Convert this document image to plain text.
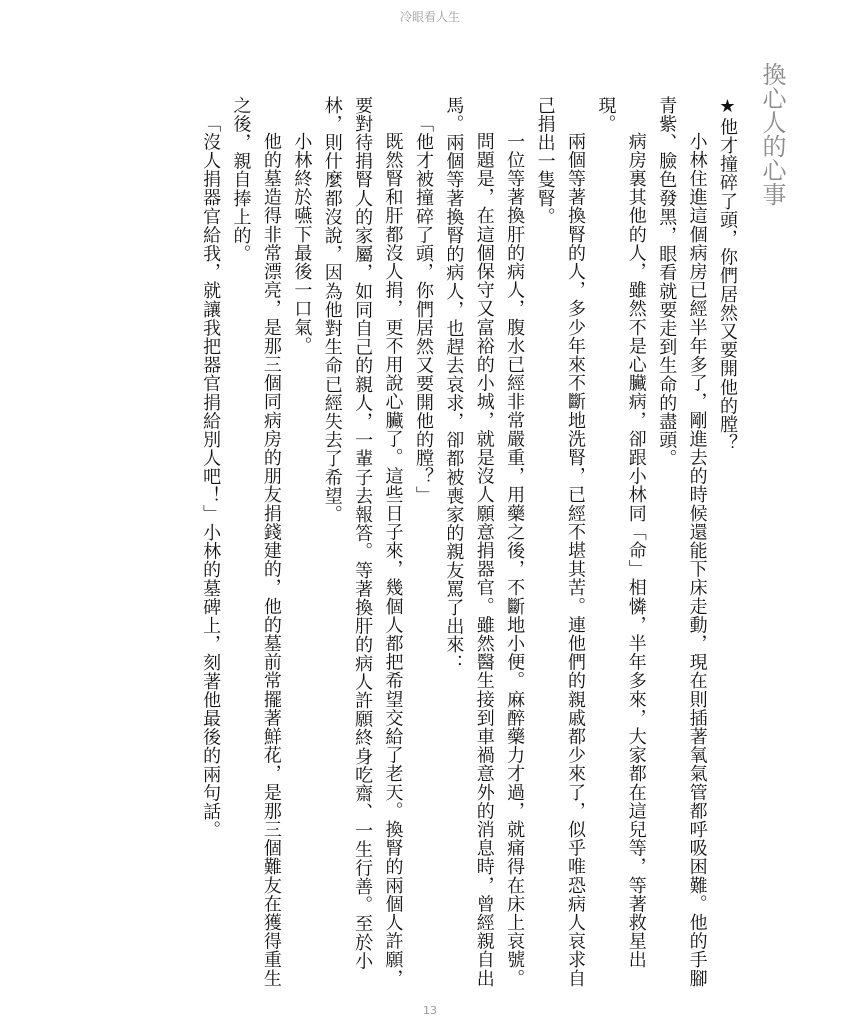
冷眼看人生
換心人的心事

★他才撞碎了頭，你們居然又要開他的膛？

小林住進這個病房已經半年多了，剛進去的時候還能下床走動，現在則插著氧氣管都呼吸困難。他的手腳青紫、臉色發黑，眼看就要走到生命的盡頭。

病房裏其他的人，雖然不是心臟病，卻跟小林同「命」相憐，半年多來，大家都在這兒等，等著救星出現。

兩個等著換腎的人，多少年來不斷地洗腎，已經不堪其苦。連他們的親戚都少來了，似乎唯恐病人哀求自己捐出一隻腎。

一位等著換肝的病人，腹水已經非常嚴重，用藥之後，不斷地小便。麻醉藥力才過，就痛得在床上哀號。

問題是，在這個保守又富裕的小城，就是沒人願意捐器官。雖然醫生接到車禍意外的消息時，曾經親自出馬。兩個等著換腎的病人，也趕去哀求，卻都被喪家的親友罵了出來：

「他才被撞碎了頭，你們居然又要開他的膛？」

既然腎和肝都沒人捐，更不用說心臟了。這些日子來，幾個人都把希望交給了老天。換腎的兩個人許願，要對待捐腎人的家屬，如同自己的親人，一輩子去報答。等著換肝的病人許願終身吃齋、一生行善。至於小林，則什麼都沒說，因為他對生命已經失去了希望。

小林終於嚥下最後一口氣。

他的墓造得非常漂亮，是那三個同病房的朋友捐錢建的，他的墓前常擺著鮮花，是那三個難友在獲得重生之後，親自捧上的。

「沒人捐器官給我，就讓我把器官捐給別人吧！」小林的墓碑上，刻著他最後的兩句話。

13
